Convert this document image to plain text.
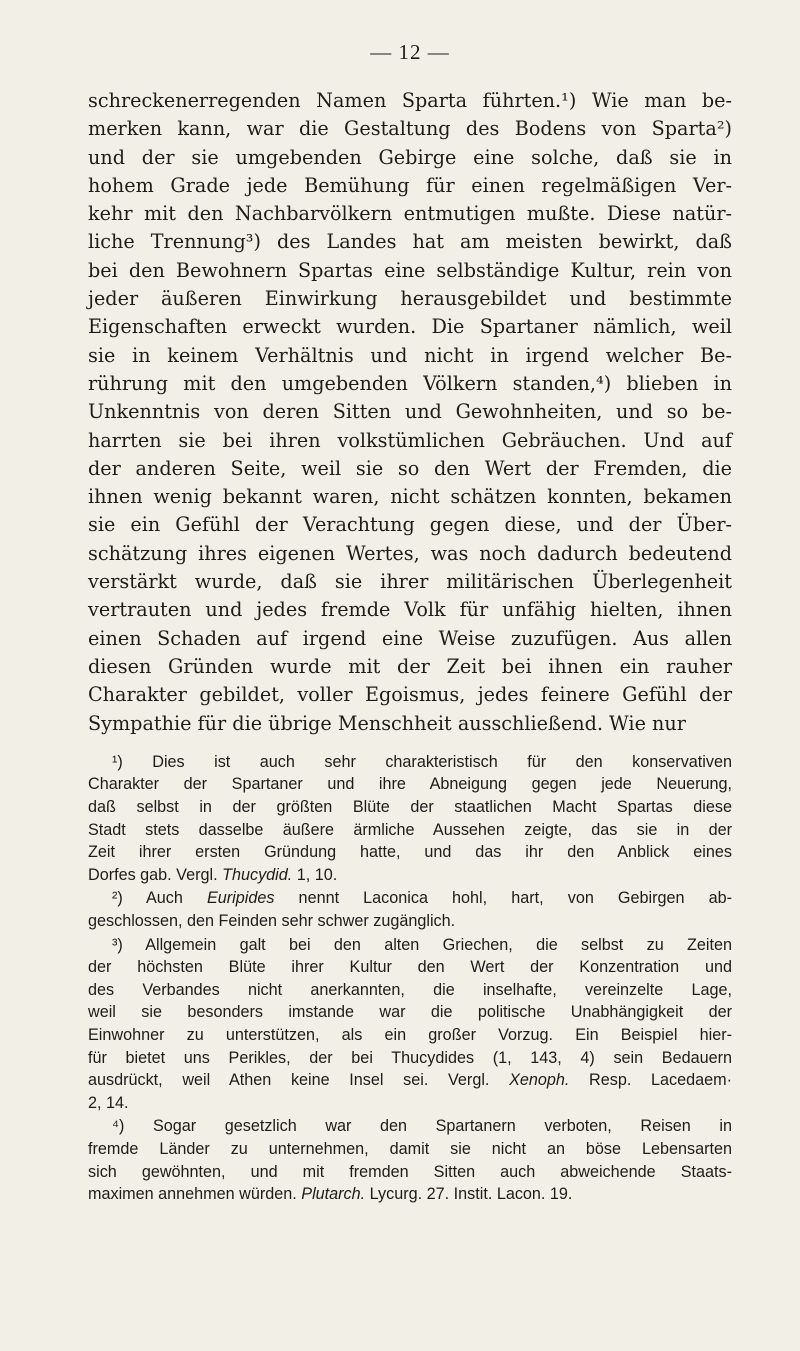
— 12 —
schreckenerregenden Namen Sparta führten.¹) Wie man be-
merken kann, war die Gestaltung des Bodens von Sparta²)
und der sie umgebenden Gebirge eine solche, daß sie in
hohem Grade jede Bemühung für einen regelmäßigen Ver-
kehr mit den Nachbarvölkern entmutigen mußte. Diese natür-
liche Trennung³) des Landes hat am meisten bewirkt, daß
bei den Bewohnern Spartas eine selbständige Kultur, rein von
jeder äußeren Einwirkung herausgebildet und bestimmte
Eigenschaften erweckt wurden. Die Spartaner nämlich, weil
sie in keinem Verhältnis und nicht in irgend welcher Be-
rührung mit den umgebenden Völkern standen,⁴) blieben in
Unkenntnis von deren Sitten und Gewohnheiten, und so be-
harrten sie bei ihren volkstümlichen Gebräuchen. Und auf
der anderen Seite, weil sie so den Wert der Fremden, die
ihnen wenig bekannt waren, nicht schätzen konnten, bekamen
sie ein Gefühl der Verachtung gegen diese, und der Über-
schätzung ihres eigenen Wertes, was noch dadurch bedeutend
verstärkt wurde, daß sie ihrer militärischen Überlegenheit
vertrauten und jedes fremde Volk für unfähig hielten, ihnen
einen Schaden auf irgend eine Weise zuzufügen. Aus allen
diesen Gründen wurde mit der Zeit bei ihnen ein rauher
Charakter gebildet, voller Egoismus, jedes feinere Gefühl der
Sympathie für die übrige Menschheit ausschließend. Wie nur
¹) Dies ist auch sehr charakteristisch für den konservativen
Charakter der Spartaner und ihre Abneigung gegen jede Neuerung,
daß selbst in der größten Blüte der staatlichen Macht Spartas diese
Stadt stets dasselbe äußere ärmliche Aussehen zeigte, das sie in der
Zeit ihrer ersten Gründung hatte, und das ihr den Anblick eines
Dorfes gab. Vergl. Thucydid. 1, 10.
²) Auch Euripides nennt Laconica hohl, hart, von Gebirgen ab-
geschlossen, den Feinden sehr schwer zugänglich.
³) Allgemein galt bei den alten Griechen, die selbst zu Zeiten
der höchsten Blüte ihrer Kultur den Wert der Konzentration und
des Verbandes nicht anerkannten, die inselhafte, vereinzelte Lage,
weil sie besonders imstande war die politische Unabhängigkeit der
Einwohner zu unterstützen, als ein großer Vorzug. Ein Beispiel hier-
für bietet uns Perikles, der bei Thucydides (1, 143, 4) sein Bedauern
ausdrückt, weil Athen keine Insel sei. Vergl. Xenoph. Resp. Lacedaem·
2, 14.
⁴) Sogar gesetzlich war den Spartanern verboten, Reisen in
fremde Länder zu unternehmen, damit sie nicht an böse Lebensarten
sich gewöhnten, und mit fremden Sitten auch abweichende Staats-
maximen annehmen würden. Plutarch. Lycurg. 27. Instit. Lacon. 19.
